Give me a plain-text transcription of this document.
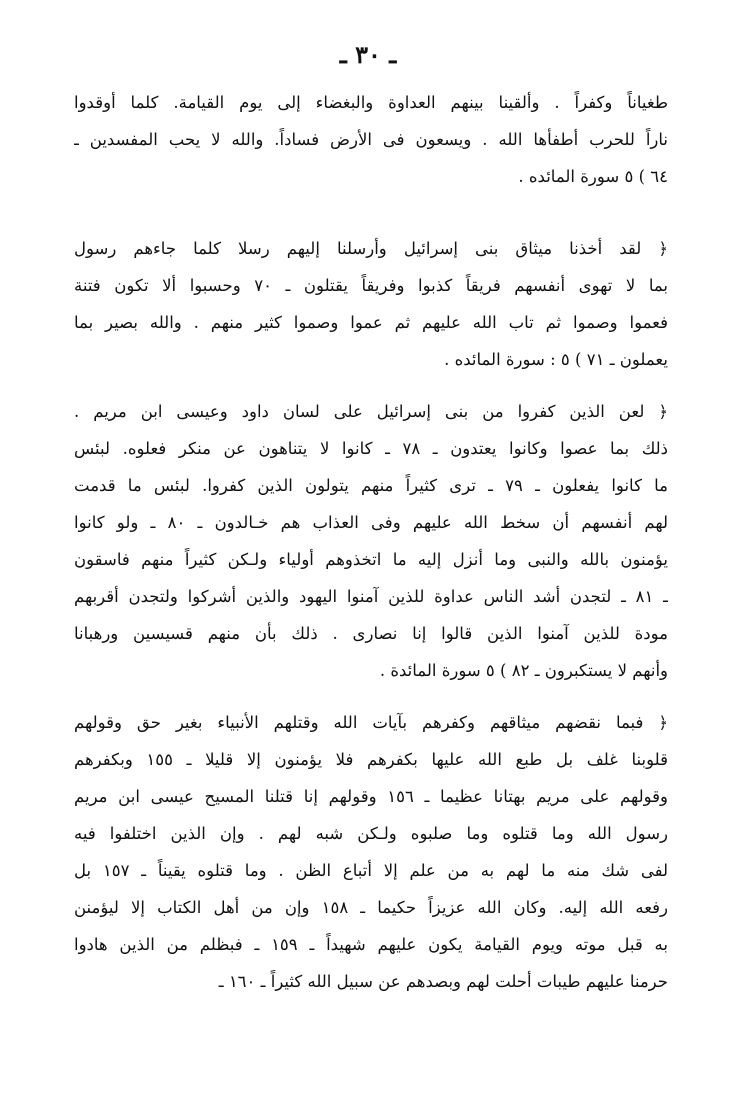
ـ ٣٠ ـ
طغياناً وكفراً . وألقينا بينهم العداوة والبغضاء إلى يوم القيامة. كلما أوقدوا
ناراً للحرب أطفأها الله . ويسعون فى الأرض فساداً. والله لا يحب المفسدين ـ
٦٤ ) ٥ سورة المائده .
﴿ لقد أخذنا ميثاق بنى إسرائيل وأرسلنا إليهم رسلا كلما جاءهم رسول
بما لا تهوى أنفسهم فريقاً كذبوا وفريقاً يقتلون ـ ٧٠ وحسبوا ألا تكون فتنة
فعموا وصموا ثم تاب الله عليهم ثم عموا وصموا كثير منهم . والله بصير بما
يعملون ـ ٧١ ) ٥ : سورة المائده .
﴿ لعن الذين كفروا من بنى إسرائيل على لسان داود وعيسى ابن مريم .
ذلك بما عصوا وكانوا يعتدون ـ ٧٨ ـ كانوا لا يتناهون عن منكر فعلوه. لبئس
ما كانوا يفعلون ـ ٧٩ ـ ترى كثيراً منهم يتولون الذين كفروا. لبئس ما قدمت
لهم أنفسهم أن سخط الله عليهم وفى العذاب هم خـالدون ـ ٨٠ ـ ولو كانوا
يؤمنون بالله والنبى وما أنزل إليه ما اتخذوهم أولياء ولـكن كثيراً منهم فاسقون
ـ ٨١ ـ لتجدن أشد الناس عداوة للذين آمنوا اليهود والذين أشركوا ولتجدن أقربهم
مودة للذين آمنوا الذين قالوا إنا نصارى . ذلك بأن منهم قسيسين ورهبانا
وأنهم لا يستكبرون ـ ٨٢ ) ٥ سورة المائدة .
﴿ فبما نقضهم ميثاقهم وكفرهم بآيات الله وقتلهم الأنبياء بغير حق وقولهم
قلوبنا غلف بل طبع الله عليها بكفرهم فلا يؤمنون إلا قليلا ـ ١٥٥ وبكفرهم
وقولهم على مريم بهتانا عظيما ـ ١٥٦ وقولهم إنا قتلنا المسيح عيسى ابن مريم
رسول الله وما قتلوه وما صلبوه ولـكن شبه لهم . وإن الذين اختلفوا فيه
لفى شك منه ما لهم به من علم إلا أتباع الظن . وما قتلوه يقيناً ـ ١٥٧ بل
رفعه الله إليه. وكان الله عزيزاً حكيما ـ ١٥٨ وإن من أهل الكتاب إلا ليؤمنن
به قبل موته ويوم القيامة يكون عليهم شهيداً ـ ١٥٩ ـ فبظلم من الذين هادوا
حرمنا عليهم طيبات أحلت لهم وبصدهم عن سبيل الله كثيراً ـ ١٦٠ ـ
